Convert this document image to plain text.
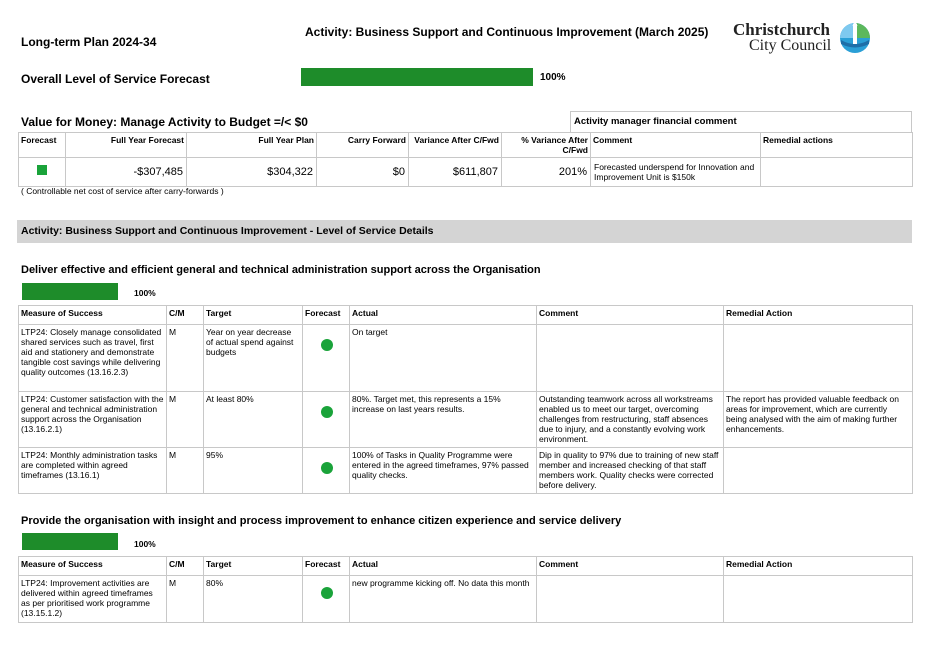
Long-term Plan 2024-34
Activity: Business Support and Continuous Improvement (March 2025)	Christchurch
City Council
Overall Level of Service Forecast	100%
Value for Money: Manage Activity to Budget =/< $0	Activity manager financial comment
Forecast	Full Year Forecast	Full Year Plan	Carry Forward	Variance After C/Fwd	% Variance After C/Fwd	Comment	Remedial actions
	-$307,485	$304,322	$0	$611,807	201%	Forecasted underspend for Innovation and Improvement Unit is $150k	
( Controllable net cost of service after carry-forwards )
Activity: Business Support and Continuous Improvement - Level of Service Details
Deliver effective and efficient general and technical administration support across the Organisation
100%
Measure of Success	C/M	Target	Forecast	Actual	Comment	Remedial Action
LTP24: Closely manage consolidated shared services such as travel, first aid and stationery and demonstrate tangible cost savings while delivering quality outcomes (13.16.2.3)	M	Year on year decrease of actual spend against budgets		On target		
LTP24: Customer satisfaction with the general and technical administration support across the Organisation (13.16.2.1)	M	At least 80%		80%. Target met, this represents a 15% increase on last years results.	Outstanding teamwork across all workstreams enabled us to meet our target, overcoming challenges from restructuring, staff absences due to injury, and a constantly evolving work environment.	The report has provided valuable feedback on areas for improvement, which are currently being analysed with the aim of making further enhancements.
LTP24: Monthly administration tasks are completed within agreed timeframes (13.16.1)	M	95%		100% of Tasks in Quality Programme were entered in the agreed timeframes, 97% passed quality checks.	Dip in quality to 97% due to training of new staff member and increased checking of that staff members work. Quality checks were corrected before delivery.	
Provide the organisation with insight and process improvement to enhance citizen experience and service delivery
100%
Measure of Success	C/M	Target	Forecast	Actual	Comment	Remedial Action
LTP24: Improvement activities are delivered within agreed timeframes as per prioritised work programme (13.15.1.2)	M	80%		new programme kicking off. No data this month		
